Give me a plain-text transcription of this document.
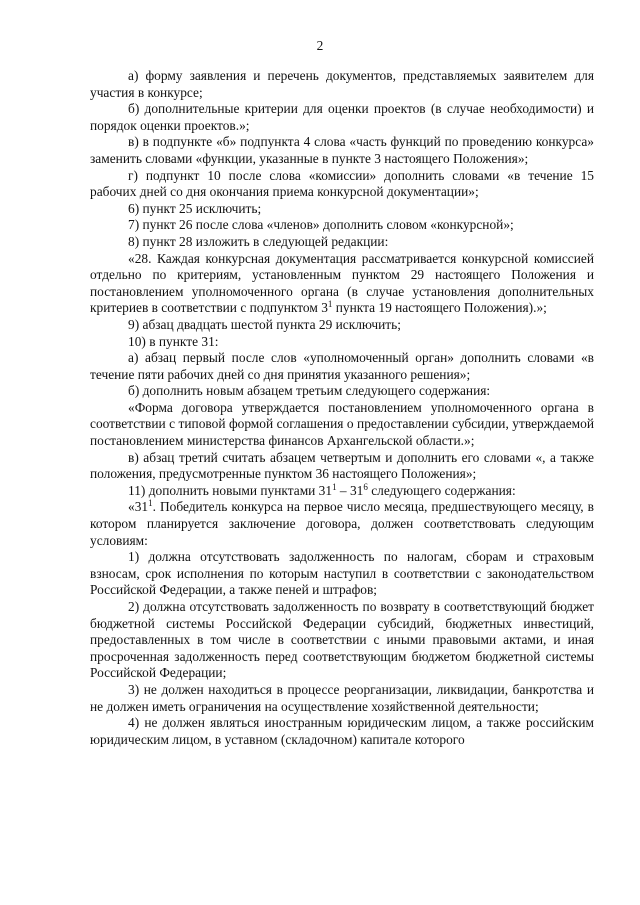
2

а) форму заявления и перечень документов, представляемых заявителем для участия в конкурсе;

б) дополнительные критерии для оценки проектов (в случае необходимости) и порядок оценки проектов.»;

в) в подпункте «б» подпункта 4 слова «часть функций по проведению конкурса» заменить словами «функции, указанные в пункте 3 настоящего Положения»;

г) подпункт 10 после слова «комиссии» дополнить словами «в течение 15 рабочих дней со дня окончания приема конкурсной документации»;

6) пункт 25 исключить;

7) пункт 26 после слова «членов» дополнить словом «конкурсной»;

8) пункт 28 изложить в следующей редакции:

«28. Каждая конкурсная документация рассматривается конкурсной комиссией отдельно по критериям, установленным пунктом 29 настоящего Положения и постановлением уполномоченного органа (в случае установления дополнительных критериев в соответствии с подпунктом $3^1$ пункта 19 настоящего Положения).»;

9) абзац двадцать шестой пункта 29 исключить;

10) в пункте 31:

а) абзац первый после слов «уполномоченный орган» дополнить словами «в течение пяти рабочих дней со дня принятия указанного решения»;

б) дополнить новым абзацем третьим следующего содержания:

«Форма договора утверждается постановлением уполномоченного органа в соответствии с типовой формой соглашения о предоставлении субсидии, утверждаемой постановлением министерства финансов Архангельской области.»;

в) абзац третий считать абзацем четвертым и дополнить его словами «, а также положения, предусмотренные пунктом 36 настоящего Положения»;

11) дополнить новыми пунктами $31^1 - 31^6$ следующего содержания:

«$31^1$. Победитель конкурса на первое число месяца, предшествующего месяцу, в котором планируется заключение договора, должен соответствовать следующим условиям:

1) должна отсутствовать задолженность по налогам, сборам и страховым взносам, срок исполнения по которым наступил в соответствии с законодательством Российской Федерации, а также пеней и штрафов;

2) должна отсутствовать задолженность по возврату в соответствующий бюджет бюджетной системы Российской Федерации субсидий, бюджетных инвестиций, предоставленных в том числе в соответствии с иными правовыми актами, и иная просроченная задолженность перед соответствующим бюджетом бюджетной системы Российской Федерации;

3) не должен находиться в процессе реорганизации, ликвидации, банкротства и не должен иметь ограничения на осуществление хозяйственной деятельности;

4) не должен являться иностранным юридическим лицом, а также российским юридическим лицом, в уставном (складочном) капитале которого
